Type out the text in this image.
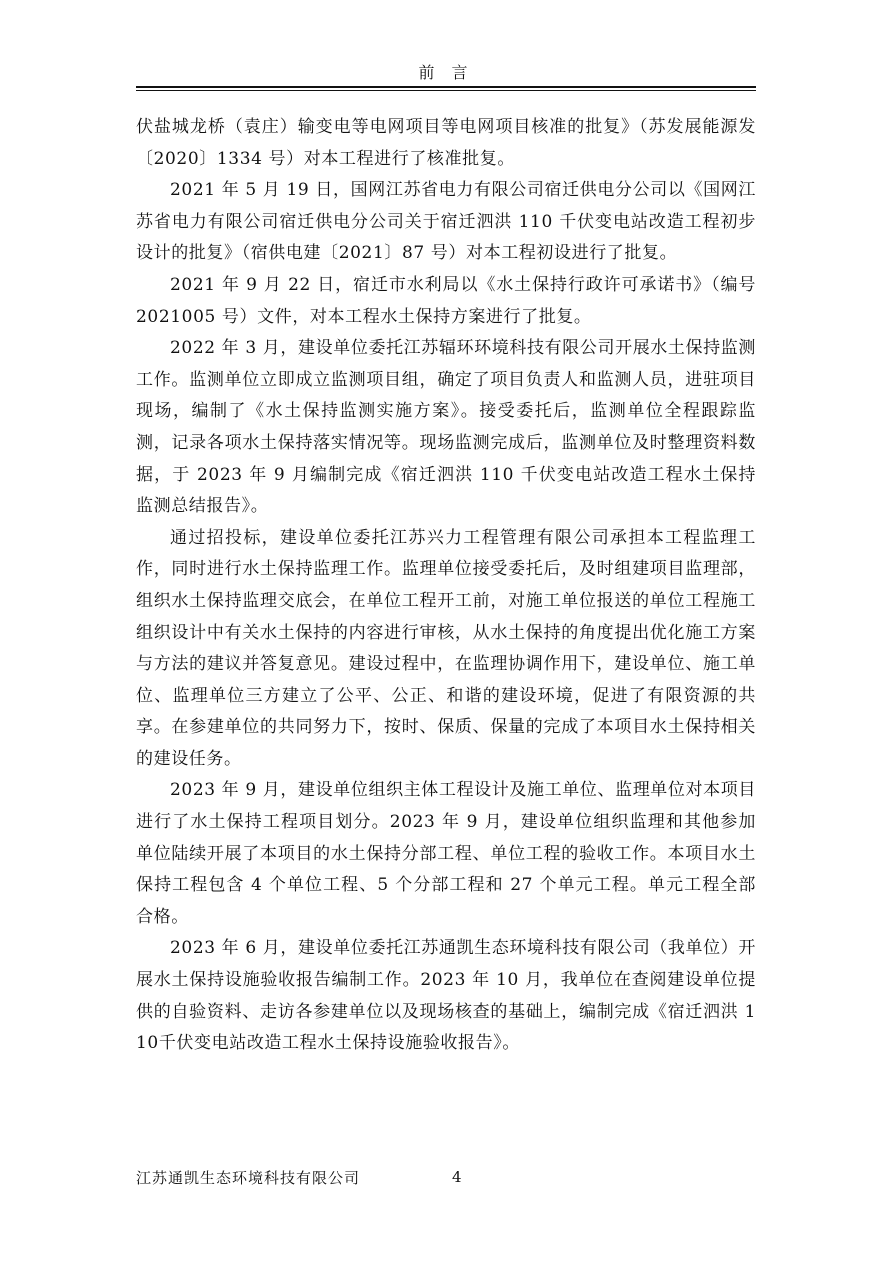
前 言

伏盐城龙桥（袁庄）输变电等电网项目等电网项目核准的批复》（苏发展能源发〔2020〕1334 号）对本工程进行了核准批复。

2021 年 5 月 19 日，国网江苏省电力有限公司宿迁供电分公司以《国网江苏省电力有限公司宿迁供电分公司关于宿迁泗洪 110 千伏变电站改造工程初步设计的批复》（宿供电建〔2021〕87 号）对本工程初设进行了批复。

2021 年 9 月 22 日，宿迁市水利局以《水土保持行政许可承诺书》（编号2021005 号）文件，对本工程水土保持方案进行了批复。

2022 年 3 月，建设单位委托江苏辐环环境科技有限公司开展水土保持监测工作。监测单位立即成立监测项目组，确定了项目负责人和监测人员，进驻项目现场，编制了《水土保持监测实施方案》。接受委托后，监测单位全程跟踪监测，记录各项水土保持落实情况等。现场监测完成后，监测单位及时整理资料数据，于 2023 年 9 月编制完成《宿迁泗洪 110 千伏变电站改造工程水土保持监测总结报告》。

通过招投标，建设单位委托江苏兴力工程管理有限公司承担本工程监理工作，同时进行水土保持监理工作。监理单位接受委托后，及时组建项目监理部，组织水土保持监理交底会，在单位工程开工前，对施工单位报送的单位工程施工组织设计中有关水土保持的内容进行审核，从水土保持的角度提出优化施工方案与方法的建议并答复意见。建设过程中，在监理协调作用下，建设单位、施工单位、监理单位三方建立了公平、公正、和谐的建设环境，促进了有限资源的共享。在参建单位的共同努力下，按时、保质、保量的完成了本项目水土保持相关的建设任务。

2023 年 9 月，建设单位组织主体工程设计及施工单位、监理单位对本项目进行了水土保持工程项目划分。2023 年 9 月，建设单位组织监理和其他参加单位陆续开展了本项目的水土保持分部工程、单位工程的验收工作。本项目水土保持工程包含 4 个单位工程、5 个分部工程和 27 个单元工程。单元工程全部合格。

2023 年 6 月，建设单位委托江苏通凯生态环境科技有限公司（我单位）开展水土保持设施验收报告编制工作。2023 年 10 月，我单位在查阅建设单位提供的自验资料、走访各参建单位以及现场核查的基础上，编制完成《宿迁泗洪 110千伏变电站改造工程水土保持设施验收报告》。

江苏通凯生态环境科技有限公司	4
